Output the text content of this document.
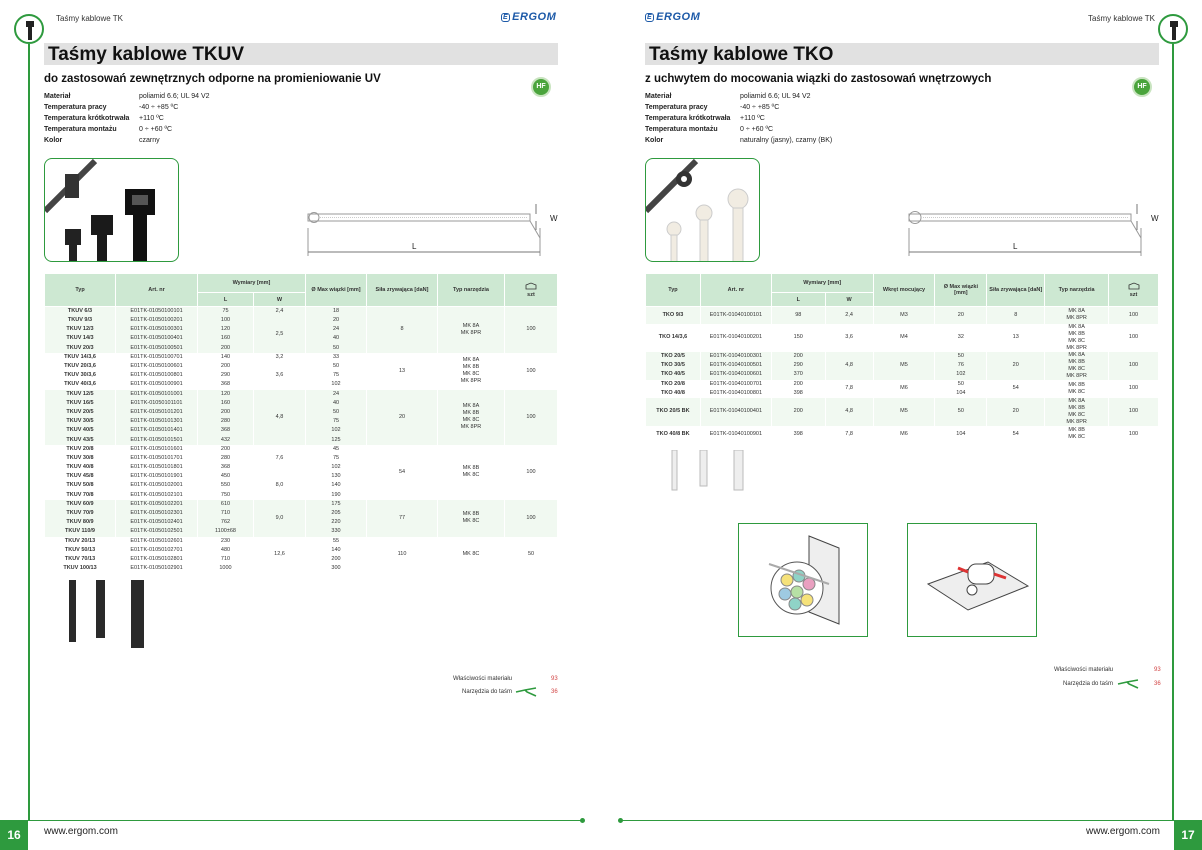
Taśmy kablowe TK	E ERGOM
16	www.ergom.com
Taśmy kablowe TKUV
do zastosowań zewnętrznych odporne na promieniowanie UV
HF
Materiał	poliamid 6.6; UL 94 V2
Temperatura pracy	-40 ÷ +85 ºC
Temperatura krótkotrwała +110 ºC
Temperatura montażu	0 ÷ +60 ºC
Kolor	czarny
W
L
Typ	Art. nr	Wymiary [mm]		Ø Max wiązki [mm]	Siła zrywająca [daN]	Typ narzędzia	szt
		L	W				
TKUV 6/3	E01TK-01050100101	75	2,4	18	8	MK 8A
MK 8PR	100
TKUV 9/3	E01TK-01050100201	100	2,5	20			
TKUV 12/3	E01TK-01050100301	120		24			
TKUV 14/3	E01TK-01050100401	160		40			
TKUV 20/3	E01TK-01050100501	200		50			
TKUV 14/3,6	E01TK-01050100701	140	3,2	33	13	MK 8A
MK 8B
MK 8C
MK 8PR	100
TKUV 20/3,6	E01TK-01050100601	200	3,6	50			
TKUV 30/3,6	E01TK-01050100801	290		75			
TKUV 40/3,6	E01TK-01050100901	368		102			
TKUV 12/5	E01TK-01050101001	120	4,8	24	20	MK 8A
MK 8B
MK 8C
MK 8PR	100
TKUV 16/5	E01TK-01050101101	160		40			
TKUV 20/5	E01TK-01050101201	200		50			
TKUV 30/5	E01TK-01050101301	280		75			
TKUV 40/5	E01TK-01050101401	368		102			
TKUV 43/5	E01TK-01050101501	432		125			
TKUV 20/8	E01TK-01050101601	200	7,6	45	54	MK 8B
MK 8C	100
TKUV 30/8	E01TK-01050101701	280		75			
TKUV 40/8	E01TK-01050101801	368		102			
TKUV 45/8	E01TK-01050101901	450	8,0	130			
TKUV 50/8	E01TK-01050102001	550		140			
TKUV 70/8	E01TK-01050102101	750		190			
TKUV 60/9	E01TK-01050102201	610	9,0	175	77	MK 8B
MK 8C	100
TKUV 70/9	E01TK-01050102301	710		205			
TKUV 80/9	E01TK-01050102401	762		220			
TKUV 110/9	E01TK-01050102501	1100±68		330			
TKUV 20/13	E01TK-01050102601	230	12,6	55	110	MK 8C	50
TKUV 50/13	E01TK-01050102701	480		140			
TKUV 70/13	E01TK-01050102801	710		200			
TKUV 100/13	E01TK-01050102901	1000		300			
Właściwości materiału	93
Narzędzia do taśm	36
Taśmy kablowe TK
E ERGOM
17
www.ergom.com
Taśmy kablowe TKO
z uchwytem do mocowania wiązki do zastosowań wnętrzowych
HF
Materiał	poliamid 6.6; UL 94 V2
Temperatura pracy	-40 ÷ +85 ºC
Temperatura krótkotrwała +110 ºC
Temperatura montażu	0 ÷ +60 ºC
Kolor	naturalny (jasny), czarny (BK)
W
L
Typ	Art. nr	Wymiary [mm]		Wkręt mocujący	Ø Max wiązki [mm]	Siła zrywająca [daN]	Typ narzędzia	szt
		L	W					
TKO 9/3	E01TK-01040100101	98	2,4	M3	20	8	MK 8A
MK 8PR	100
TKO 14/3,6	E01TK-01040100201	150	3,6	M4	32	13	MK 8A
MK 8B
MK 8C
MK 8PR	100
TKO 20/5	E01TK-01040100301	200	4,8	M5	50	20	MK 8A
MK 8B
MK 8C
MK 8PR	100
TKO 30/5	E01TK-01040100501	290			76			
TKO 40/5	E01TK-01040100601	370			102			
TKO 20/8	E01TK-01040100701	200	7,8	M6	50	54	MK 8B
MK 8C	100
TKO 40/8	E01TK-01040100801	398			104			
TKO 20/5 BK	E01TK-01040100401	200	4,8	M5	50	20	MK 8A
MK 8B
MK 8C
MK 8PR	100
TKO 40/8 BK	E01TK-01040100901	398	7,8	M6	104	54	MK 8B
MK 8C	100
Właściwości materiału	93
Narzędzia do taśm	36
